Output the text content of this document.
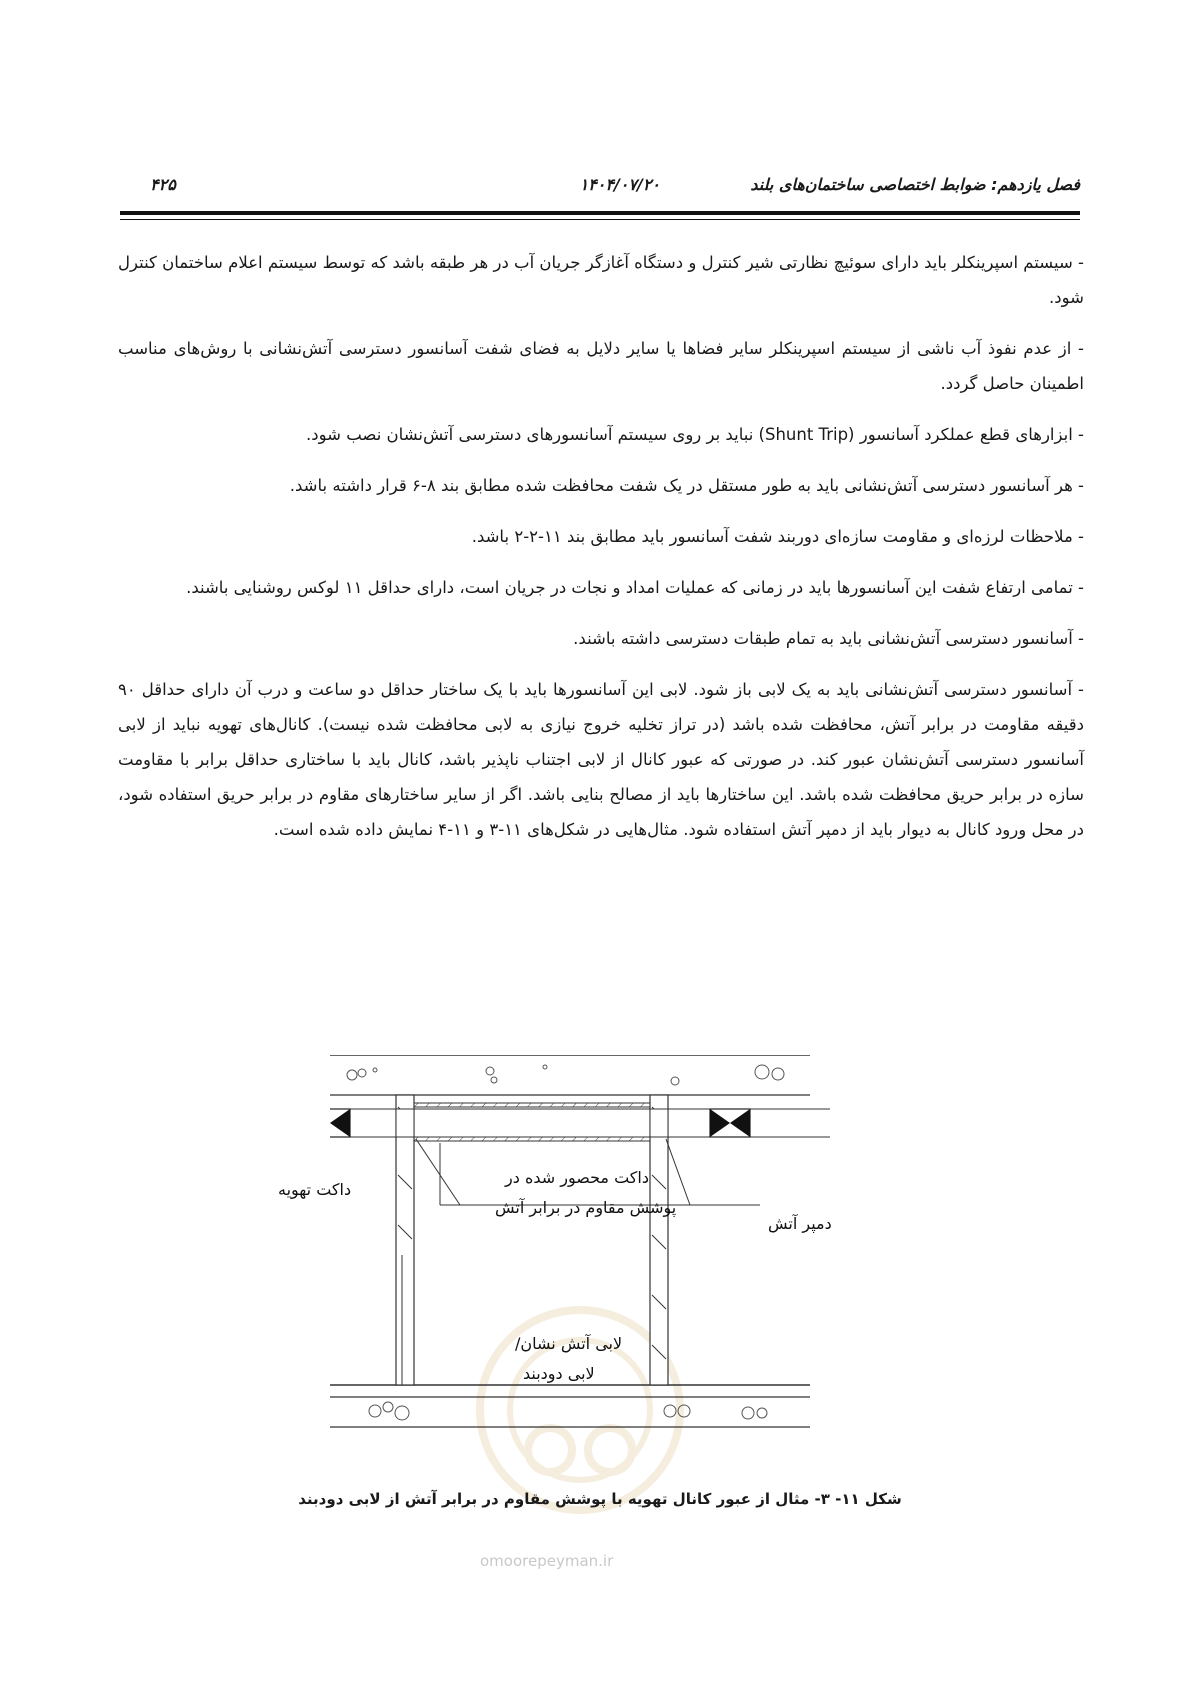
فصل یازدهم: ضوابط اختصاصی ساختمان‌های بلند
۱۴۰۴/۰۷/۲۰
۴۲۵

- سیستم اسپرینکلر باید دارای سوئیچ نظارتی شیر کنترل و دستگاه آغازگر جریان آب در هر طبقه باشد که توسط سیستم اعلام ساختمان کنترل شود.

- از عدم نفوذ آب ناشی از سیستم اسپرینکلر سایر فضاها یا سایر دلایل به فضای شفت آسانسور دسترسی آتش‌نشانی با روش‌های مناسب اطمینان حاصل گردد.

- ابزارهای قطع عملکرد آسانسور (Shunt Trip) نباید بر روی سیستم آسانسورهای دسترسی آتش‌نشان نصب شود.

- هر آسانسور دسترسی آتش‌نشانی باید به طور مستقل در یک شفت محافظت شده مطابق بند ۸-۶ قرار داشته باشد.

- ملاحظات لرزه‌ای و مقاومت سازه‌ای دوربند شفت آسانسور باید مطابق بند ۱۱-۲-۲ باشد.

- تمامی ارتفاع شفت این آسانسورها باید در زمانی که عملیات امداد و نجات در جریان است، دارای حداقل ۱۱ لوکس روشنایی باشند.

- آسانسور دسترسی آتش‌نشانی باید به تمام طبقات دسترسی داشته باشند.

- آسانسور دسترسی آتش‌نشانی باید به یک لابی باز شود. لابی این آسانسورها باید با یک ساختار حداقل دو ساعت و درب آن دارای حداقل ۹۰ دقیقه مقاومت در برابر آتش، محافظت شده باشد (در تراز تخلیه خروج نیازی به لابی محافظت شده نیست). کانال‌های تهویه نباید از لابی آسانسور دسترسی آتش‌نشان عبور کند. در صورتی که عبور کانال از لابی اجتناب ناپذیر باشد، کانال باید با ساختاری حداقل برابر با مقاومت سازه در برابر حریق محافظت شده باشد. این ساختارها باید از مصالح بنایی باشد. اگر از سایر ساختارهای مقاوم در برابر حریق استفاده شود، در محل ورود کانال به دیوار باید از دمپر آتش استفاده شود. مثال‌هایی در شکل‌های ۱۱-۳ و ۱۱-۴ نمایش داده شده است.

داکت تهویه
داکت محصور شده در
پوشش مقاوم در برابر آتش
دمپر آتش
لابی آتش نشان/
لابی دودبند
شکل ۱۱- ۳- مثال از عبور کانال تهویه با پوشش مقاوم در برابر آتش از لابی دودبند
omoorepeyman.ir
